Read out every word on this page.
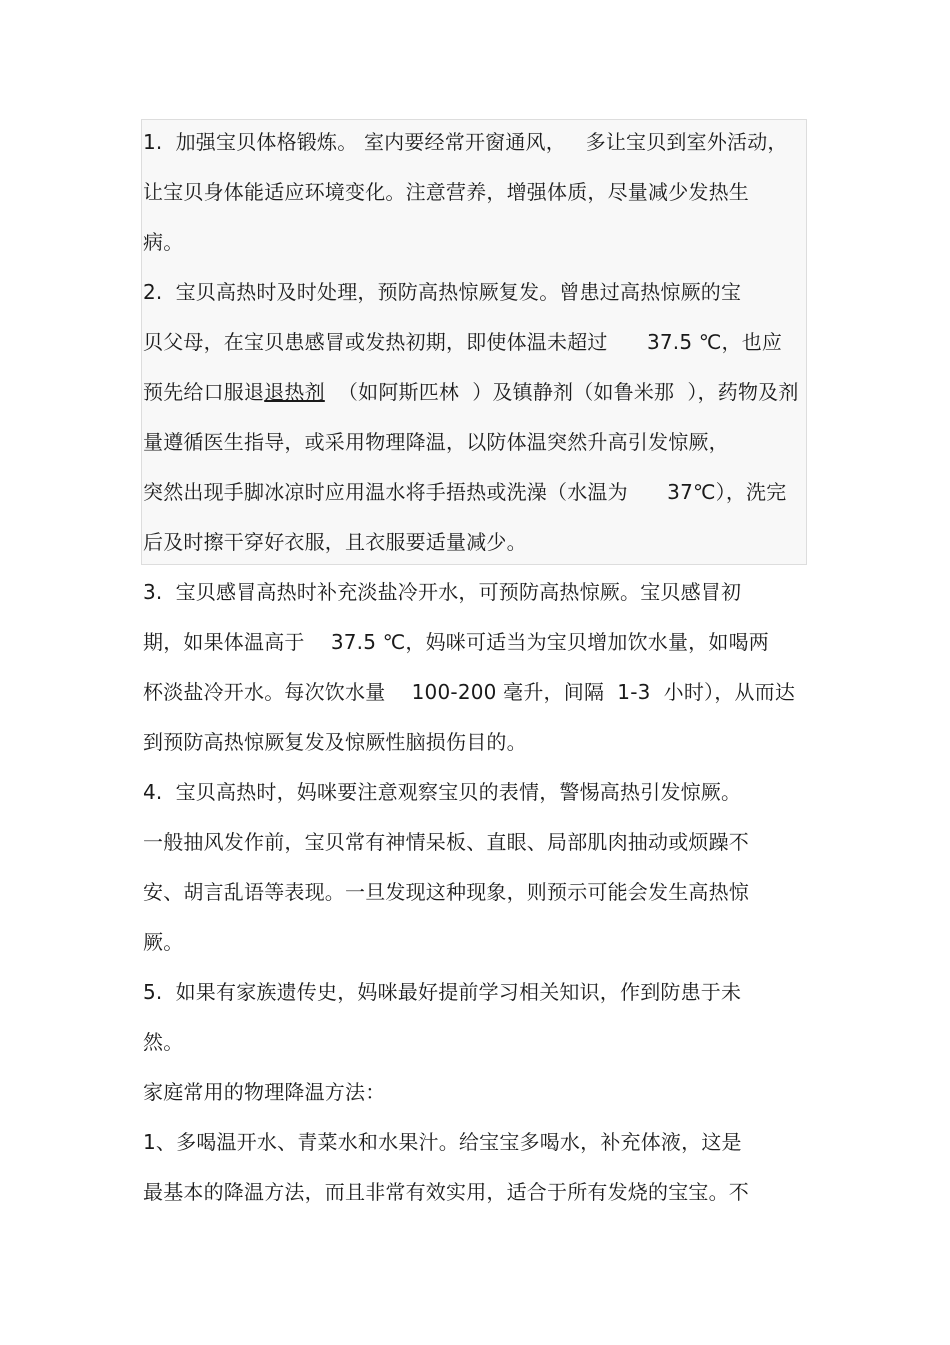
1.  加强宝贝体格锻炼。 室内要经常开窗通风，   多让宝贝到室外活动，
让宝贝身体能适应环境变化。注意营养，增强体质，尽量减少发热生
病。
2.  宝贝高热时及时处理，预防高热惊厥复发。曾患过高热惊厥的宝
贝父母，在宝贝患感冒或发热初期，即使体温未超过      37.5 ℃，也应
预先给口服退退热剂  （如阿斯匹林  ）及镇静剂（如鲁米那  ），药物及剂
量遵循医生指导，或采用物理降温，以防体温突然升高引发惊厥，
突然出现手脚冰凉时应用温水将手捂热或洗澡（水温为      37℃），洗完
后及时擦干穿好衣服，且衣服要适量减少。
3.  宝贝感冒高热时补充淡盐冷开水，可预防高热惊厥。宝贝感冒初
期，如果体温高于    37.5 ℃，妈咪可适当为宝贝增加饮水量，如喝两
杯淡盐冷开水。每次饮水量    100-200 毫升，间隔  1-3  小时），从而达
到预防高热惊厥复发及惊厥性脑损伤目的。
4.  宝贝高热时，妈咪要注意观察宝贝的表情，警惕高热引发惊厥。
一般抽风发作前，宝贝常有神情呆板、直眼、局部肌肉抽动或烦躁不
安、胡言乱语等表现。一旦发现这种现象，则预示可能会发生高热惊
厥。
5.  如果有家族遗传史，妈咪最好提前学习相关知识，作到防患于未
然。
家庭常用的物理降温方法：
1、多喝温开水、青菜水和水果汁。给宝宝多喝水，补充体液，这是
最基本的降温方法，而且非常有效实用，适合于所有发烧的宝宝。不
